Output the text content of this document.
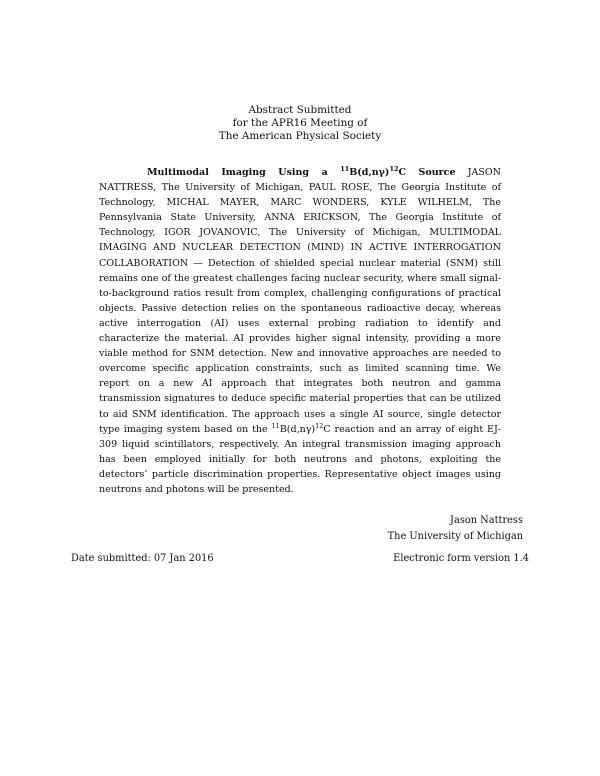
Abstract Submitted
for the APR16 Meeting of
The American Physical Society
Multimodal Imaging Using a $^{11}B(d,n\gamma)^{12}C$ Source JASON NATTRESS, The University of Michigan, PAUL ROSE, The Georgia Institute of Technology, MICHAL MAYER, MARC WONDERS, KYLE WILHELM, The Pennsylvania State University, ANNA ERICKSON, The Georgia Institute of Technology, IGOR JOVANOVIC, The University of Michigan, MULTIMODAL IMAGING AND NUCLEAR DETECTION (MIND) IN ACTIVE INTERROGATION COLLABORATION — Detection of shielded special nuclear material (SNM) still remains one of the greatest challenges facing nuclear security, where small signal-to-background ratios result from complex, challenging configurations of practical objects. Passive detection relies on the spontaneous radioactive decay, whereas active interrogation (AI) uses external probing radiation to identify and characterize the material. AI provides higher signal intensity, providing a more viable method for SNM detection. New and innovative approaches are needed to overcome specific application constraints, such as limited scanning time. We report on a new AI approach that integrates both neutron and gamma transmission signatures to deduce specific material properties that can be utilized to aid SNM identification. The approach uses a single AI source, single detector type imaging system based on the $^{11}B(d,n\gamma)^{12}C$ reaction and an array of eight EJ-309 liquid scintillators, respectively. An integral transmission imaging approach has been employed initially for both neutrons and photons, exploiting the detectors’ particle discrimination properties. Representative object images using neutrons and photons will be presented.
Jason Nattress
The University of Michigan
Date submitted: 07 Jan 2016	Electronic form version 1.4
